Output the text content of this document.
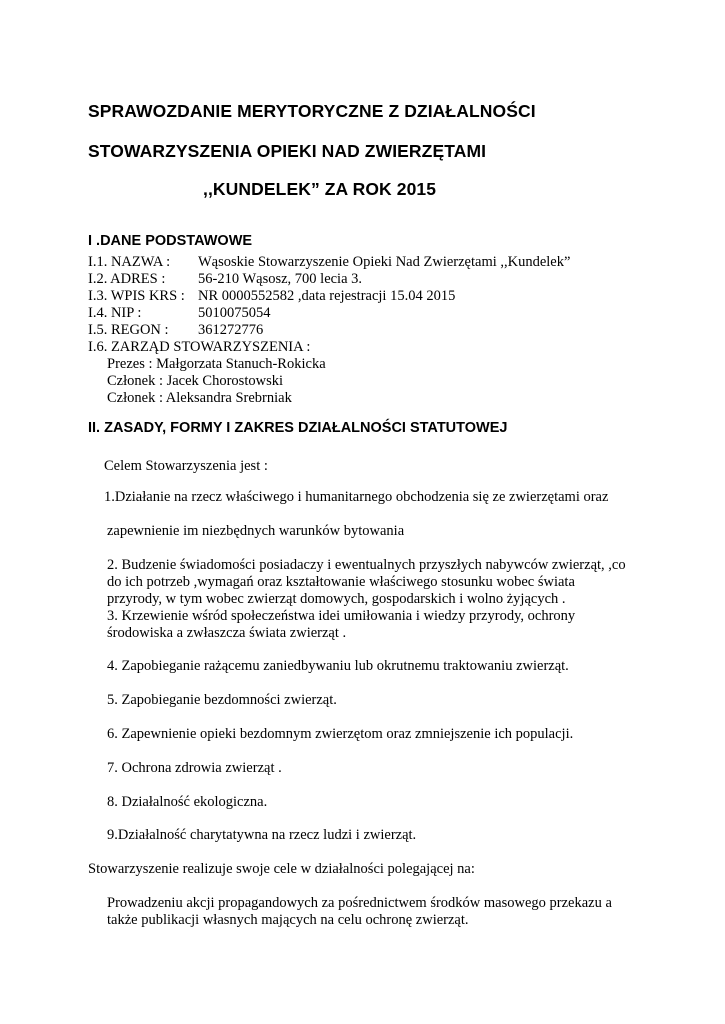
SPRAWOZDANIE MERYTORYCZNE Z DZIAŁALNOŚCI
STOWARZYSZENIA OPIEKI NAD ZWIERZĘTAMI
,,KUNDELEK” ZA ROK 2015
I .DANE PODSTAWOWE
I.1. NAZWA : Wąsoskie Stowarzyszenie Opieki Nad Zwierzętami ,,Kundelek”
I.2. ADRES : 56-210 Wąsosz, 700 lecia 3.
I.3. WPIS KRS : NR 0000552582 ,data rejestracji 15.04 2015
I.4. NIP :	5010075054
I.5. REGON : 361272776
I.6. ZARZĄD STOWARZYSZENIA :
Prezes : Małgorzata Stanuch-Rokicka
Członek : Jacek Chorostowski
Członek : Aleksandra Srebrniak
II. ZASADY, FORMY I ZAKRES DZIAŁALNOŚCI STATUTOWEJ
Celem Stowarzyszenia jest :
1.Działanie na rzecz właściwego i humanitarnego obchodzenia się ze zwierzętami oraz
zapewnienie im niezbędnych warunków bytowania
2. Budzenie świadomości posiadaczy i ewentualnych przyszłych nabywców zwierząt, ,co
do ich potrzeb ,wymagań oraz kształtowanie właściwego stosunku wobec świata
przyrody, w tym wobec zwierząt domowych, gospodarskich i wolno żyjących .
3. Krzewienie wśród społeczeństwa idei umiłowania i wiedzy przyrody, ochrony
środowiska a zwłaszcza świata zwierząt .
4. Zapobieganie rażącemu zaniedbywaniu lub okrutnemu traktowaniu zwierząt.
5. Zapobieganie bezdomności zwierząt.
6. Zapewnienie opieki bezdomnym zwierzętom oraz zmniejszenie ich populacji.
7. Ochrona zdrowia zwierząt .
8. Działalność ekologiczna.
9.Działalność charytatywna na rzecz ludzi i zwierząt.
Stowarzyszenie realizuje swoje cele w działalności polegającej na:
Prowadzeniu akcji propagandowych za pośrednictwem środków masowego przekazu a
także publikacji własnych mających na celu ochronę zwierząt.
